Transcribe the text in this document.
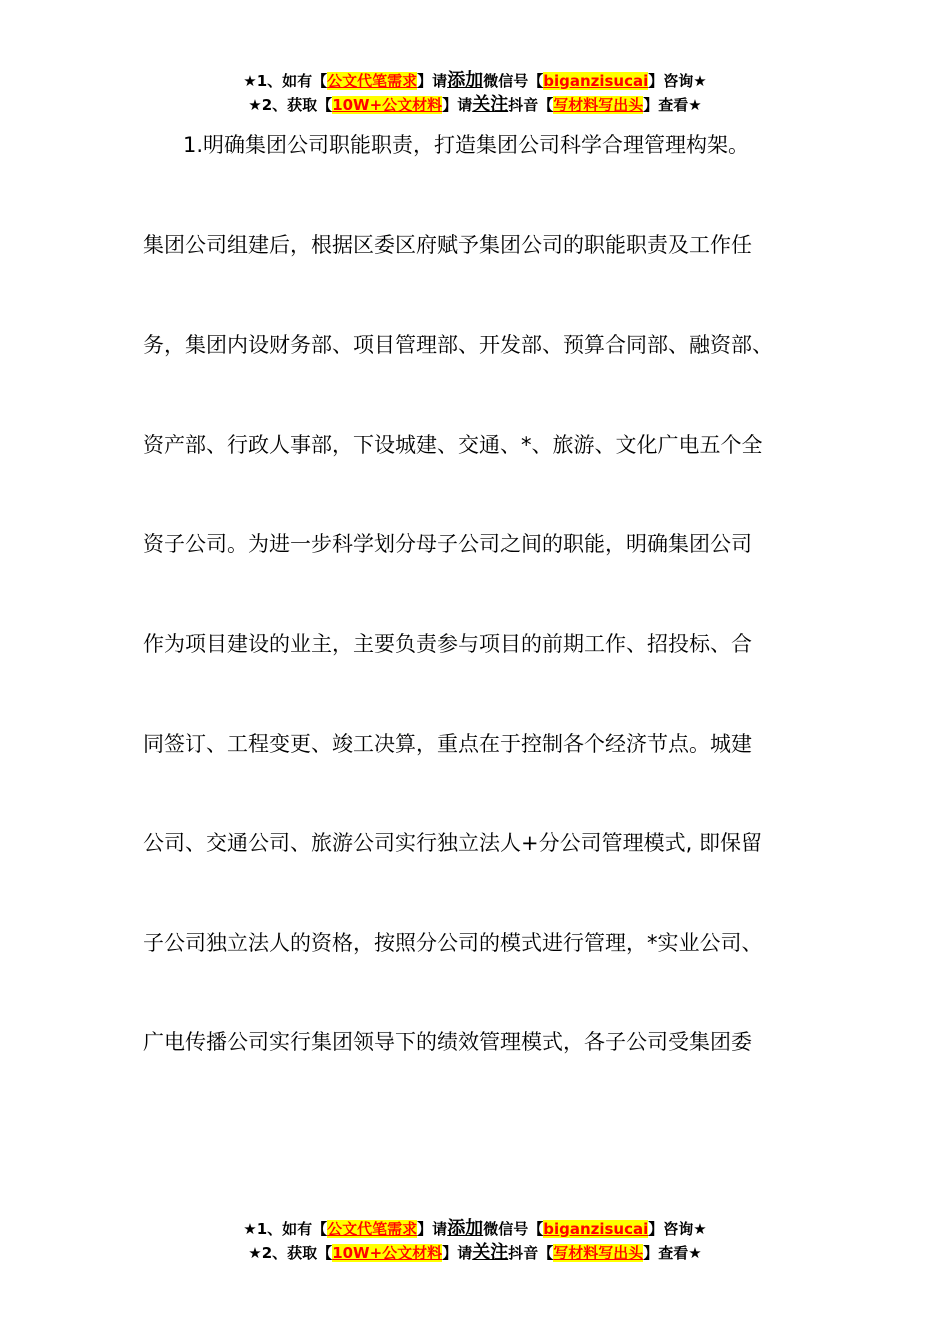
★1、如有【公文代笔需求】请添加微信号【biganzisucai】咨询★
★2、获取【10W+公文材料】请关注抖音【写材料写出头】查看★
1.明确集团公司职能职责，打造集团公司科学合理管理构架。
集团公司组建后，根据区委区府赋予集团公司的职能职责及工作任
务，集团内设财务部、项目管理部、开发部、预算合同部、融资部、
资产部、行政人事部，下设城建、交通、*、旅游、文化广电五个全
资子公司。为进一步科学划分母子公司之间的职能，明确集团公司
作为项目建设的业主，主要负责参与项目的前期工作、招投标、合
同签订、工程变更、竣工决算，重点在于控制各个经济节点。城建
公司、交通公司、旅游公司实行独立法人+分公司管理模式, 即保留
子公司独立法人的资格，按照分公司的模式进行管理，*实业公司、
广电传播公司实行集团领导下的绩效管理模式，各子公司受集团委
★1、如有【公文代笔需求】请添加微信号【biganzisucai】咨询★
★2、获取【10W+公文材料】请关注抖音【写材料写出头】查看★
